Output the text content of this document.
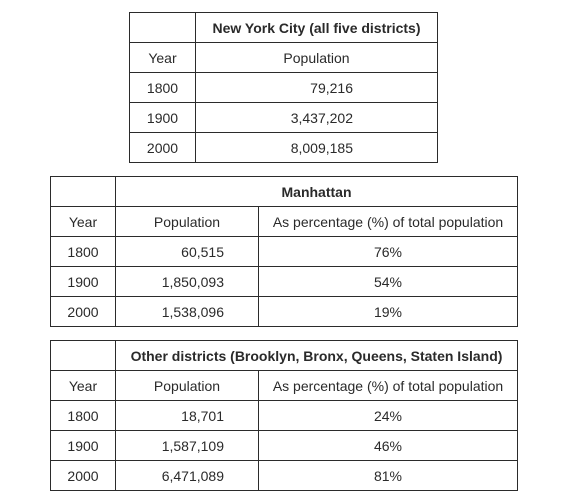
	New York City (all five districts)
Year	Population
1800	79,216
1900	3,437,202
2000	8,009,185
	Manhattan	
Year	Population	As percentage (%) of total population
1800	60,515	76%
1900	1,850,093	54%
2000	1,538,096	19%
	Other districts (Brooklyn, Bronx, Queens, Staten Island)	
Year	Population	As percentage (%) of total population
1800	18,701	24%
1900	1,587,109	46%
2000	6,471,089	81%
